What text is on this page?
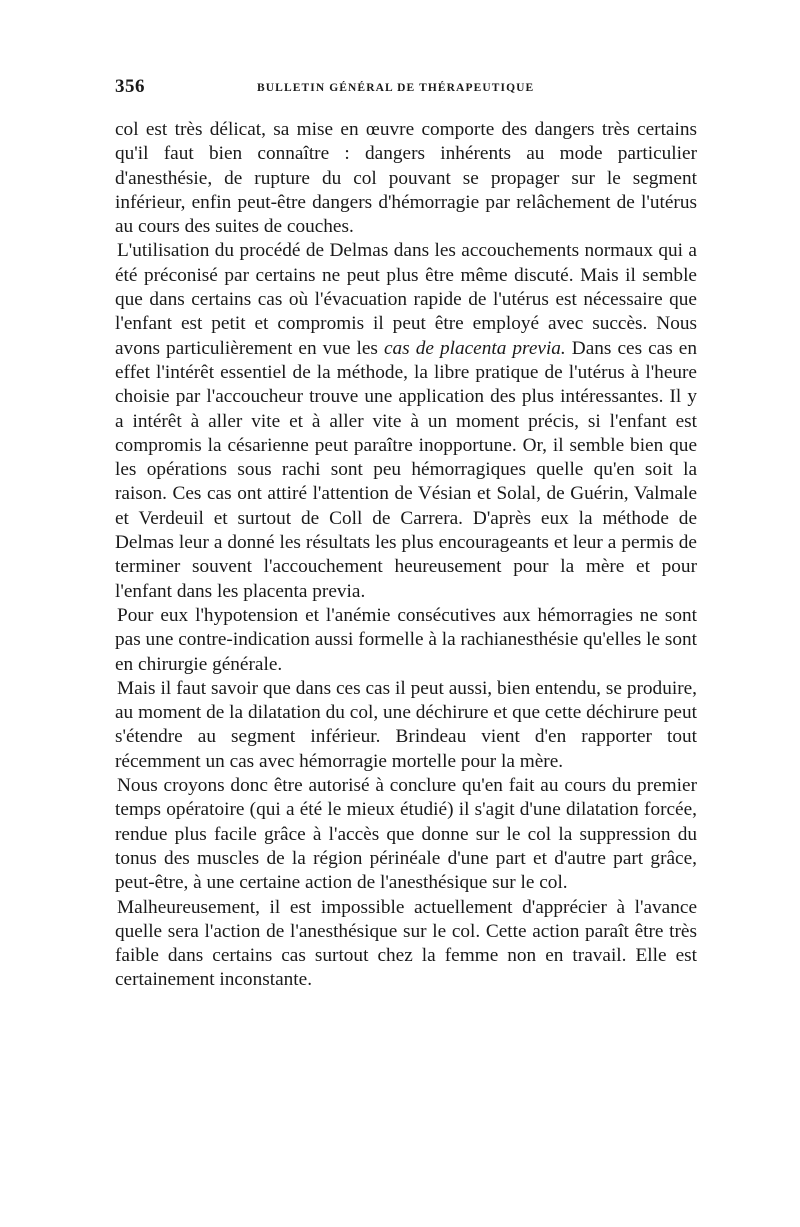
356	BULLETIN GÉNÉRAL DE THÉRAPEUTIQUE

col est très délicat, sa mise en œuvre comporte des dangers très certains qu'il faut bien connaître : dangers inhérents au mode particulier d'anesthésie, de rupture du col pouvant se propager sur le segment inférieur, enfin peut-être dangers d'hémorragie par relâchement de l'utérus au cours des suites de couches.

L'utilisation du procédé de Delmas dans les accouchements normaux qui a été préconisé par certains ne peut plus être même discuté. Mais il semble que dans certains cas où l'évacuation rapide de l'utérus est nécessaire que l'enfant est petit et compromis il peut être employé avec succès. Nous avons particulièrement en vue les cas de placenta previa. Dans ces cas en effet l'intérêt essentiel de la méthode, la libre pratique de l'utérus à l'heure choisie par l'accoucheur trouve une application des plus intéressantes. Il y a intérêt à aller vite et à aller vite à un moment précis, si l'enfant est compromis la césarienne peut paraître inopportune. Or, il semble bien que les opérations sous rachi sont peu hémorragiques quelle qu'en soit la raison. Ces cas ont attiré l'attention de Vésian et Solal, de Guérin, Valmale et Verdeuil et surtout de Coll de Carrera. D'après eux la méthode de Delmas leur a donné les résultats les plus encourageants et leur a permis de terminer souvent l'accouchement heureusement pour la mère et pour l'enfant dans les placenta previa.

Pour eux l'hypotension et l'anémie consécutives aux hémorragies ne sont pas une contre-indication aussi formelle à la rachianesthésie qu'elles le sont en chirurgie générale.

Mais il faut savoir que dans ces cas il peut aussi, bien entendu, se produire, au moment de la dilatation du col, une déchirure et que cette déchirure peut s'étendre au segment inférieur. Brindeau vient d'en rapporter tout récemment un cas avec hémorragie mortelle pour la mère.

Nous croyons donc être autorisé à conclure qu'en fait au cours du premier temps opératoire (qui a été le mieux étudié) il s'agit d'une dilatation forcée, rendue plus facile grâce à l'accès que donne sur le col la suppression du tonus des muscles de la région périnéale d'une part et d'autre part grâce, peut-être, à une certaine action de l'anesthésique sur le col.

Malheureusement, il est impossible actuellement d'apprécier à l'avance quelle sera l'action de l'anesthésique sur le col. Cette action paraît être très faible dans certains cas surtout chez la femme non en travail. Elle est certainement inconstante.
